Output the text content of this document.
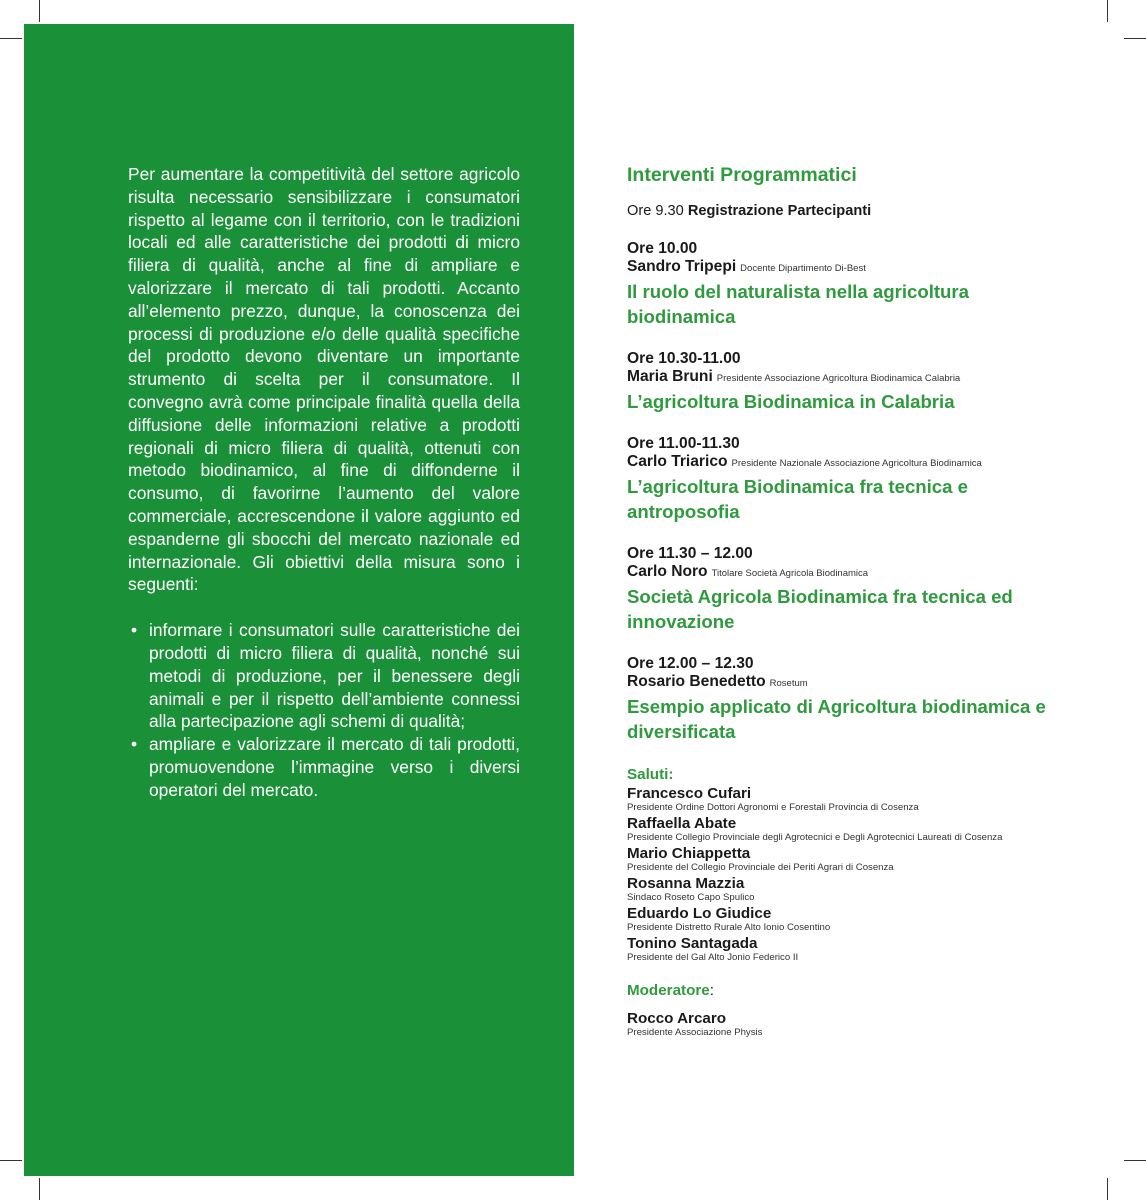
Per aumentare la competitività del settore agricolo risulta necessario sensibilizzare i consumatori rispetto al legame con il territorio, con le tradizioni locali ed alle caratteristiche dei prodotti di micro filiera di qualità, anche al fine di ampliare e valorizzare il mercato di tali prodotti. Accanto all’elemento prezzo, dunque, la conoscenza dei processi di produzione e/o delle qualità specifiche del prodotto devono diventare un importante strumento di scelta per il consumatore. Il convegno avrà come principale finalità quella della diffusione delle informazioni relative a prodotti regionali di micro filiera di qualità, ottenuti con metodo biodinamico, al fine di diffonderne il consumo, di favorirne l’aumento del valore commerciale, accrescendone il valore aggiunto ed espanderne gli sbocchi del mercato nazionale ed internazionale. Gli obiettivi della misura sono i seguenti:

• informare i consumatori sulle caratteristiche dei prodotti di micro filiera di qualità, nonché sui metodi di produzione, per il benessere degli animali e per il rispetto dell’ambiente connessi alla partecipazione agli schemi di qualità;
• ampliare e valorizzare il mercato di tali prodotti, promuovendone l’immagine verso i diversi operatori del mercato.
Interventi Programmatici
Ore 9.30 Registrazione Partecipanti
Ore 10.00
Sandro Tripepi Docente Dipartimento Di-Best
Il ruolo del naturalista nella agricoltura biodinamica
Ore 10.30-11.00
Maria Bruni Presidente Associazione Agricoltura Biodinamica Calabria
L’agricoltura Biodinamica in Calabria
Ore 11.00-11.30
Carlo Triarico Presidente Nazionale Associazione Agricoltura Biodinamica
L’agricoltura Biodinamica fra tecnica e antroposofia
Ore 11.30 – 12.00
Carlo Noro Titolare Società Agricola Biodinamica
Società Agricola Biodinamica fra tecnica ed innovazione
Ore 12.00 – 12.30
Rosario Benedetto Rosetum
Esempio applicato di Agricoltura biodinamica e diversificata
Saluti:
Francesco Cufari
Presidente Ordine Dottori Agronomi e Forestali Provincia di Cosenza
Raffaella Abate
Presidente Collegio Provinciale degli Agrotecnici e Degli Agrotecnici Laureati di Cosenza
Mario Chiappetta
Presidente del Collegio Provinciale dei Periti Agrari di Cosenza
Rosanna Mazzia
Sindaco Roseto Capo Spulico
Eduardo Lo Giudice
Presidente Distretto Rurale Alto Ionio Cosentino
Tonino Santagada
Presidente del Gal Alto Jonio Federico II
Moderatore:
Rocco Arcaro
Presidente Associazione Physis
